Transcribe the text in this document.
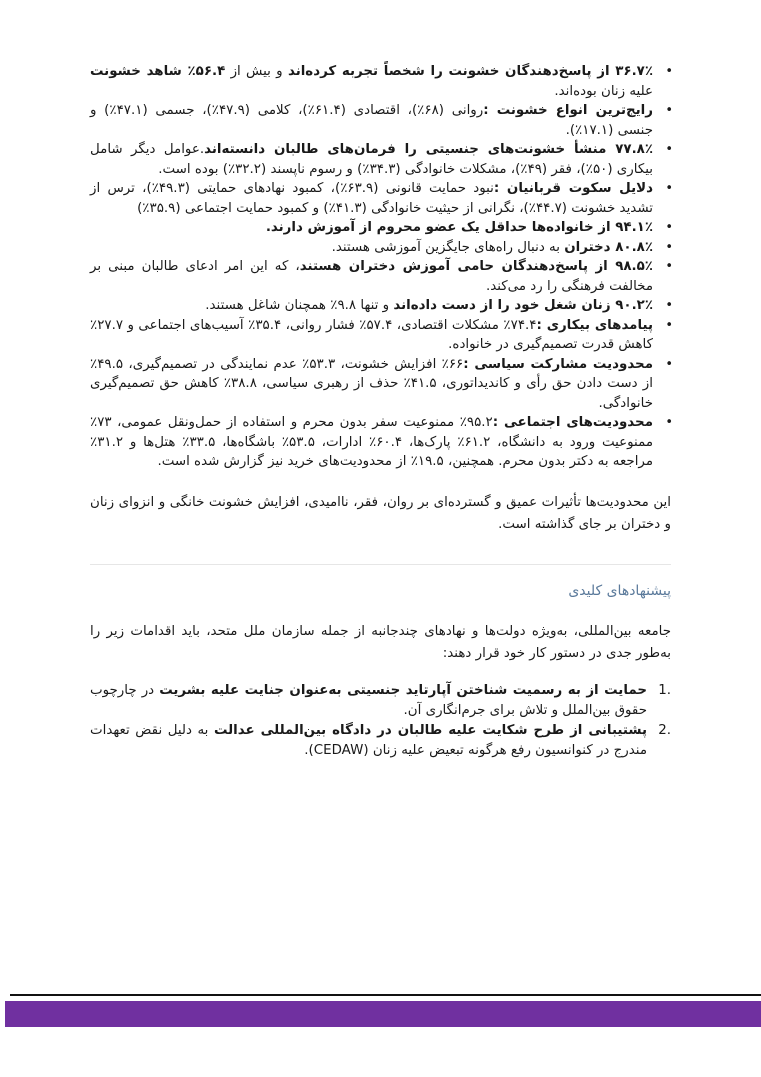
• ۳۶.۷٪ از پاسخ‌دهندگان خشونت را شخصاً تجربه کرده‌اند و بیش از ۵۶.۴٪ شاهد خشونت علیه زنان بوده‌اند.
• رایج‌ترین انواع خشونت :روانی (۶۸٪)، اقتصادی (۶۱.۴٪)، کلامی (۴۷.۹٪)، جسمی (۴۷.۱٪) و جنسی (۱۷.۱٪).
• ۷۷.۸٪ منشأ خشونت‌های جنسیتی را فرمان‌های طالبان دانسته‌اند.عوامل دیگر شامل بیکاری (۵۰٪)، فقر (۴۹٪)، مشکلات خانوادگی (۳۴.۳٪) و رسوم ناپسند (۳۲.۲٪) بوده است.
• دلایل سکوت قربانیان :نبود حمایت قانونی (۶۳.۹٪)، کمبود نهادهای حمایتی (۴۹.۳٪)، ترس از تشدید خشونت (۴۴.۷٪)، نگرانی از حیثیت خانوادگی (۴۱.۳٪) و کمبود حمایت اجتماعی (۳۵.۹٪)
• ۹۴.۱٪ از خانواده‌ها حداقل یک عضو محروم از آموزش دارند.
• ۸۰.۸٪ دختران به دنبال راه‌های جایگزین آموزشی هستند.
• ۹۸.۵٪ از پاسخ‌دهندگان حامی آموزش دختران هستند، که این امر ادعای طالبان مبنی بر مخالفت فرهنگی را رد می‌کند.
• ۹۰.۲٪ زنان شغل خود را از دست داده‌اند و تنها ۹.۸٪ همچنان شاغل هستند.
• پیامدهای بیکاری :۷۴.۴٪ مشکلات اقتصادی، ۵۷.۴٪ فشار روانی، ۳۵.۴٪ آسیب‌های اجتماعی و ۲۷.۷٪ کاهش قدرت تصمیم‌گیری در خانواده.
• محدودیت مشارکت سیاسی :۶۶٪ افزایش خشونت، ۵۳.۳٪ عدم نمایندگی در تصمیم‌گیری، ۴۹.۵٪ از دست دادن حق رأی و کاندیداتوری، ۴۱.۵٪ حذف از رهبری سیاسی، ۳۸.۸٪ کاهش حق تصمیم‌گیری خانوادگی.
• محدودیت‌های اجتماعی :۹۵.۲٪ ممنوعیت سفر بدون محرم و استفاده از حمل‌ونقل عمومی، ۷۳٪ ممنوعیت ورود به دانشگاه، ۶۱.۲٪ پارک‌ها، ۶۰.۴٪ ادارات، ۵۳.۵٪ باشگاه‌ها، ۳۳.۵٪ هتل‌ها و ۳۱.۲٪ مراجعه به دکتر بدون محرم. همچنین، ۱۹.۵٪ از محدودیت‌های خرید نیز گزارش شده است.

این محدودیت‌ها تأثیرات عمیق و گسترده‌ای بر روان، فقر، ناامیدی، افزایش خشونت خانگی و انزوای زنان و دختران بر جای گذاشته است.

پیشنهادهای کلیدی

جامعه بین‌المللی، به‌ویژه دولت‌ها و نهادهای چندجانبه از جمله سازمان ملل متحد، باید اقدامات زیر را به‌طور جدی در دستور کار خود قرار دهند:

.1
حمایت از به رسمیت شناختن آپارتاید جنسیتی به‌عنوان جنایت علیه بشریت در چارچوب حقوق بین‌الملل و تلاش برای جرم‌انگاری آن.
.2
پشتیبانی از طرح شکایت علیه طالبان در دادگاه بین‌المللی عدالت به دلیل نقض تعهدات مندرج در کنوانسیون رفع هرگونه تبعیض علیه زنان (CEDAW).
